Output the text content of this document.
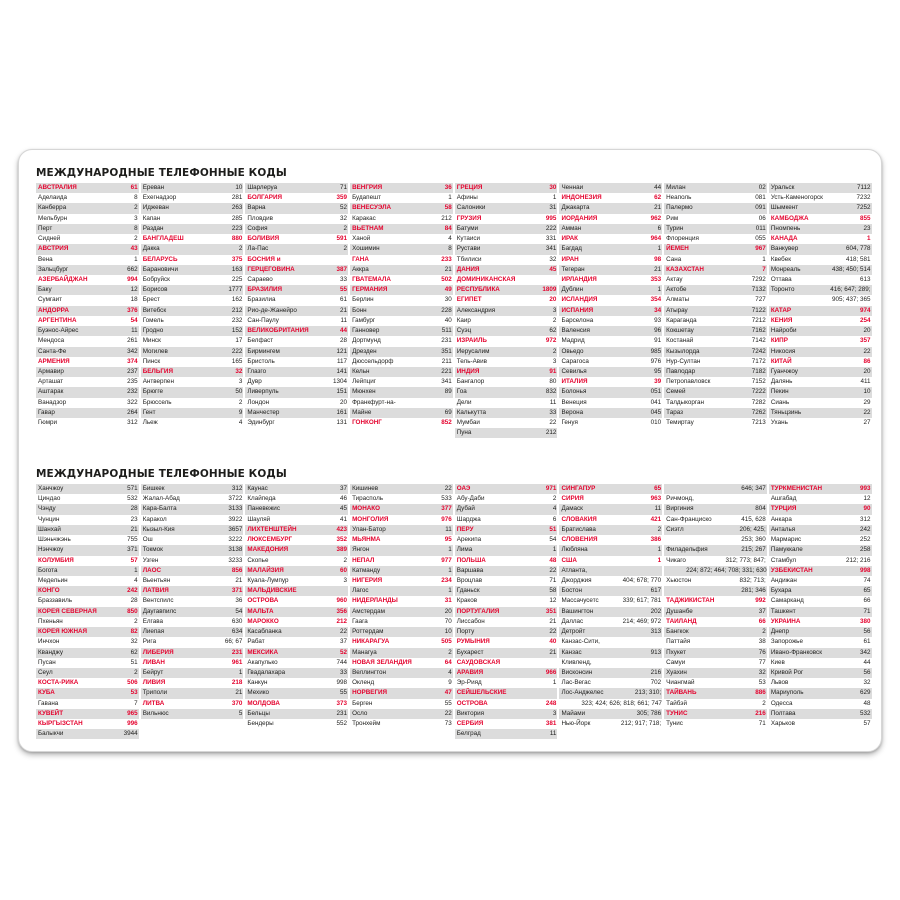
МЕЖДУНАРОДНЫЕ ТЕЛЕФОННЫЕ КОДЫ
АВСТРАЛИЯ	61
Аделаида	8
Канберра	2
Мельбурн	3
Перт	8
Сидней	2
АВСТРИЯ	43
Вена	1
Зальцбург	662
АЗЕРБАЙДЖАН	994
Баку	12
Сумгаит	18
АНДОРРА	376
АРГЕНТИНА	54
Буэнос-Айрес	11
Мендоса	261
Санта-Фе	342
АРМЕНИЯ	374
Армавир	237
Арташат	235
Аштарак	232
Ванадзор	322
Гавар	264
Гюмри	312
Ереван	10
Ехегнадзор	281
Иджеван	263
Капан	285
Раздан	223
БАНГЛАДЕШ	880
Дакка	2
БЕЛАРУСЬ	375
Барановичи	163
Бобруйск	225
Борисов	1777
Брест	162
Витебск	212
Гомель	232
Гродно	152
Минск	17
Могилев	222
Пинск	165
БЕЛЬГИЯ	32
Антверпен	3
Брюгге	50
Брюссель	2
Гент	9
Льеж	4
Шарлеруа	71
БОЛГАРИЯ	359
Варна	52
Пловдив	32
София	2
БОЛИВИЯ	591
Ла-Пас	2
БОСНИЯ и
ГЕРЦЕГОВИНА	387
Сараево	33
БРАЗИЛИЯ	55
Бразилиа	61
Рио-де-Жанейро	21
Сан-Паулу	11
ВЕЛИКОБРИТАНИЯ	44
Белфаст	28
Бирмингем	121
Бристоль	117
Глазго	141
Дувр	1304
Ливерпуль	151
Лондон	20
Манчестер	161
Эдинбург	131
ВЕНГРИЯ	36
Будапешт	1
ВЕНЕСУЭЛА	58
Каракас	212
ВЬЕТНАМ	84
Ханой	4
Хошимин	8
ГАНА	233
Аккра	21
ГВАТЕМАЛА	502
ГЕРМАНИЯ	49
Берлин	30
Бонн	228
Гамбург	40
Ганновер	511
Дортмунд	231
Дрезден	351
Дюссельдорф	211
Кельн	221
Лейпциг	341
Мюнхен	89
Франкфурт-на-
Майне	69
ГОНКОНГ	852
ГРЕЦИЯ	30
Афины	1
Салоники	31
ГРУЗИЯ	995
Батуми	222
Кутаиси	331
Рустави	341
Тбилиси	32
ДАНИЯ	45
ДОМИНИКАНСКАЯ
РЕСПУБЛИКА	1809
ЕГИПЕТ	20
Александрия	3
Каир	2
Суэц	62
ИЗРАИЛЬ	972
Иерусалим	2
Тель-Авив	3
ИНДИЯ	91
Бангалор	80
Гоа	832
Дели	11
Калькутта	33
Мумбаи	22
Пуна	212
Ченнаи	44
ИНДОНЕЗИЯ	62
Джакарта	21
ИОРДАНИЯ	962
Амман	6
ИРАК	964
Багдад	1
ИРАН	98
Тегеран	21
ИРЛАНДИЯ	353
Дублин	1
ИСЛАНДИЯ	354
ИСПАНИЯ	34
Барселона	93
Валенсия	96
Мадрид	91
Овьедо	985
Сарагоса	976
Севилья	95
ИТАЛИЯ	39
Болонья	051
Венеция	041
Верона	045
Генуя	010
Милан	02
Неаполь	081
Палермо	091
Рим	06
Турин	011
Флоренция	055
ЙЕМЕН	967
Сана	1
КАЗАХСТАН	7
Актау	7292
Актобе	7132
Алматы	727
Атырау	7122
Караганда	7212
Кокшетау	7162
Костанай	7142
Кызылорда	7242
Нур-Султан	7172
Павлодар	7182
Петропавловск	7152
Семей	7222
Талдыкорган	7282
Тараз	7262
Темиртау	7213
Уральск	7112
Усть-Каменогорск	7232
Шымкент	7252
КАМБОДЖА	855
Пномпень	23
КАНАДА	1
Ванкувер	604, 778
Квебек	418; 581
Монреаль	438; 450; 514
Оттава	613
Торонто	416; 647; 289;
905; 437; 365
КАТАР	974
КЕНИЯ	254
Найроби	20
КИПР	357
Никосия	22
КИТАЙ	86
Гуанчжоу	20
Далянь	411
Пекин	10
Сиань	29
Тяньцзинь	22
Ухань	27
МЕЖДУНАРОДНЫЕ ТЕЛЕФОННЫЕ КОДЫ
Ханчжоу	571
Циндао	532
Чэнду	28
Чунцин	23
Шанхай	21
Шэньчжэнь	755
Нэнчжоу	371
КОЛУМБИЯ	57
Богота	1
Медельин	4
КОНГО	242
Браззавиль	28
КОРЕЯ СЕВЕРНАЯ	850
Пхеньян	2
КОРЕЯ ЮЖНАЯ	82
Инчхон	32
Кванджу	62
Пусан	51
Сеул	2
КОСТА-РИКА	506
КУБА	53
Гавана	7
КУВЕЙТ	965
КЫРГЫЗСТАН	996
Балыкчи	3944
Бишкек	312
Жалал-Абад	3722
Кара-Балта	3133
Каракол	3922
Кызыл-Кия	3657
Ош	3222
Токмок	3138
Узген	3233
ЛАОС	856
Вьентьян	21
ЛАТВИЯ	371
Вентспилс	36
Даугавпилс	54
Елгава	630
Лиепая	634
Рига	66; 67
ЛИБЕРИЯ	231
ЛИВАН	961
Бейрут	1
ЛИВИЯ	218
Триполи	21
ЛИТВА	370
Вильнюс	5
Каунас	37
Клайпеда	46
Паневежис	45
Шауляй	41
ЛИХТЕНШТЕЙН	423
ЛЮКСЕМБУРГ	352
МАКЕДОНИЯ	389
Скопье	2
МАЛАЙЗИЯ	60
Куала-Лумпур	3
МАЛЬДИВСКИЕ
ОСТРОВА	960
МАЛЬТА	356
МАРОККО	212
Касабланка	22
Рабат	37
МЕКСИКА	52
Акапулько	744
Гвадалахара	33
Канкун	998
Мехико	55
МОЛДОВА	373
Бельцы	231
Бендеры	552
Кишинев	22
Тирасполь	533
МОНАКО	377
МОНГОЛИЯ	976
Улан-Батор	11
МЬЯНМА	95
Янгон	1
НЕПАЛ	977
Катманду	1
НИГЕРИЯ	234
Лагос	1
НИДЕРЛАНДЫ	31
Амстердам	20
Гаага	70
Роттердам	10
НИКАРАГУА	505
Манагуа	2
НОВАЯ ЗЕЛАНДИЯ	64
Веллингтон	4
Окленд	9
НОРВЕГИЯ	47
Берген	55
Осло	22
Тронхейм	73
ОАЭ	971
Абу-Даби	2
Дубай	4
Шарджа	6
ПЕРУ	51
Арекипа	54
Лима	1
ПОЛЬША	48
Варшава	22
Вроцлав	71
Гданьск	58
Краков	12
ПОРТУГАЛИЯ	351
Лиссабон	21
Порту	22
РУМЫНИЯ	40
Бухарест	21
САУДОВСКАЯ
АРАВИЯ	966
Эр-Рияд	1
СЕЙШЕЛЬСКИЕ
ОСТРОВА	248
Виктория	3
СЕРБИЯ	381
Белград	11
СИНГАПУР	65
СИРИЯ	963
Дамаск	11
СЛОВАКИЯ	421
Братислава	2
СЛОВЕНИЯ	386
Любляна	1
США	1
Атланта,
Джорджия	404; 678; 770
Бостон	617
Массачусетс	339; 617; 781
Вашингтон	202
Даллас	214; 469; 972
Детройт	313
Канзас-Сити,
Канзас	913
Кливленд,
Висконсин	216
Лас-Вегас	702
Лос-Анджелес	213; 310;
323; 424; 626; 818; 661; 747
Майами	305; 786
Нью-Йорк	212; 917; 718;
646; 347
Ричмонд,
Виргиния	804
Сан-Франциско	415, 628
Сиэтл	206; 425;
253; 360
Филадельфия	215; 267
Чикаго	312; 773; 847;
224; 872; 464; 708; 331; 630
Хьюстон	832; 713;
281; 346
ТАДЖИКИСТАН	992
Душанбе	37
ТАИЛАНД	66
Бангкок	2
Паттайя	38
Пхукет	76
Самуи	77
Хуахин	32
Чиангмай	53
ТАЙВАНЬ	886
Тайбэй	2
ТУНИС	216
Тунис	71
ТУРКМЕНИСТАН	993
Ашгабад	12
ТУРЦИЯ	90
Анкара	312
Анталья	242
Мармарис	252
Памуккале	258
Стамбул	212; 216
УЗБЕКИСТАН	998
Андижан	74
Бухара	65
Самарканд	66
Ташкент	71
УКРАИНА	380
Днепр	56
Запорожье	61
Ивано-Франковск	342
Киев	44
Кривой Рог	56
Львов	32
Мариуполь	629
Одесса	48
Полтава	532
Харьков	57
